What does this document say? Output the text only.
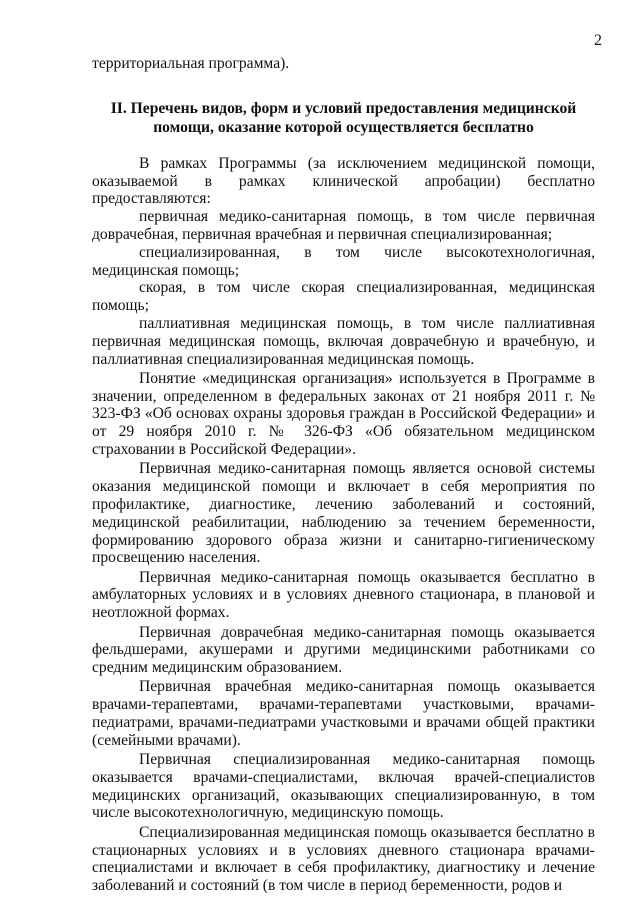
2

территориальная программа).

II. Перечень видов, форм и условий предоставления медицинской помощи, оказание которой осуществляется бесплатно

В рамках Программы (за исключением медицинской помощи, оказываемой в рамках клинической апробации) бесплатно предоставляются:

первичная медико-санитарная помощь, в том числе первичная доврачебная, первичная врачебная и первичная специализированная;

специализированная, в том числе высокотехнологичная, медицинская помощь;

скорая, в том числе скорая специализированная, медицинская помощь;

паллиативная медицинская помощь, в том числе паллиативная первичная медицинская помощь, включая доврачебную и врачебную, и паллиативная специализированная медицинская помощь.

Понятие «медицинская организация» используется в Программе в значении, определенном в федеральных законах от 21 ноября 2011 г. № 323-ФЗ «Об основах охраны здоровья граждан в Российской Федерации» и от 29 ноября 2010 г. № 326-ФЗ «Об обязательном медицинском страховании в Российской Федерации».

Первичная медико-санитарная помощь является основой системы оказания медицинской помощи и включает в себя мероприятия по профилактике, диагностике, лечению заболеваний и состояний, медицинской реабилитации, наблюдению за течением беременности, формированию здорового образа жизни и санитарно-гигиеническому просвещению населения.

Первичная медико-санитарная помощь оказывается бесплатно в амбулаторных условиях и в условиях дневного стационара, в плановой и неотложной формах.

Первичная доврачебная медико-санитарная помощь оказывается фельдшерами, акушерами и другими медицинскими работниками со средним медицинским образованием.

Первичная врачебная медико-санитарная помощь оказывается врачами-терапевтами, врачами-терапевтами участковыми, врачами-педиатрами, врачами-педиатрами участковыми и врачами общей практики (семейными врачами).

Первичная специализированная медико-санитарная помощь оказывается врачами-специалистами, включая врачей-специалистов медицинских организаций, оказывающих специализированную, в том числе высокотехнологичную, медицинскую помощь.

Специализированная медицинская помощь оказывается бесплатно в стационарных условиях и в условиях дневного стационара врачами-специалистами и включает в себя профилактику, диагностику и лечение заболеваний и состояний (в том числе в период беременности, родов и
